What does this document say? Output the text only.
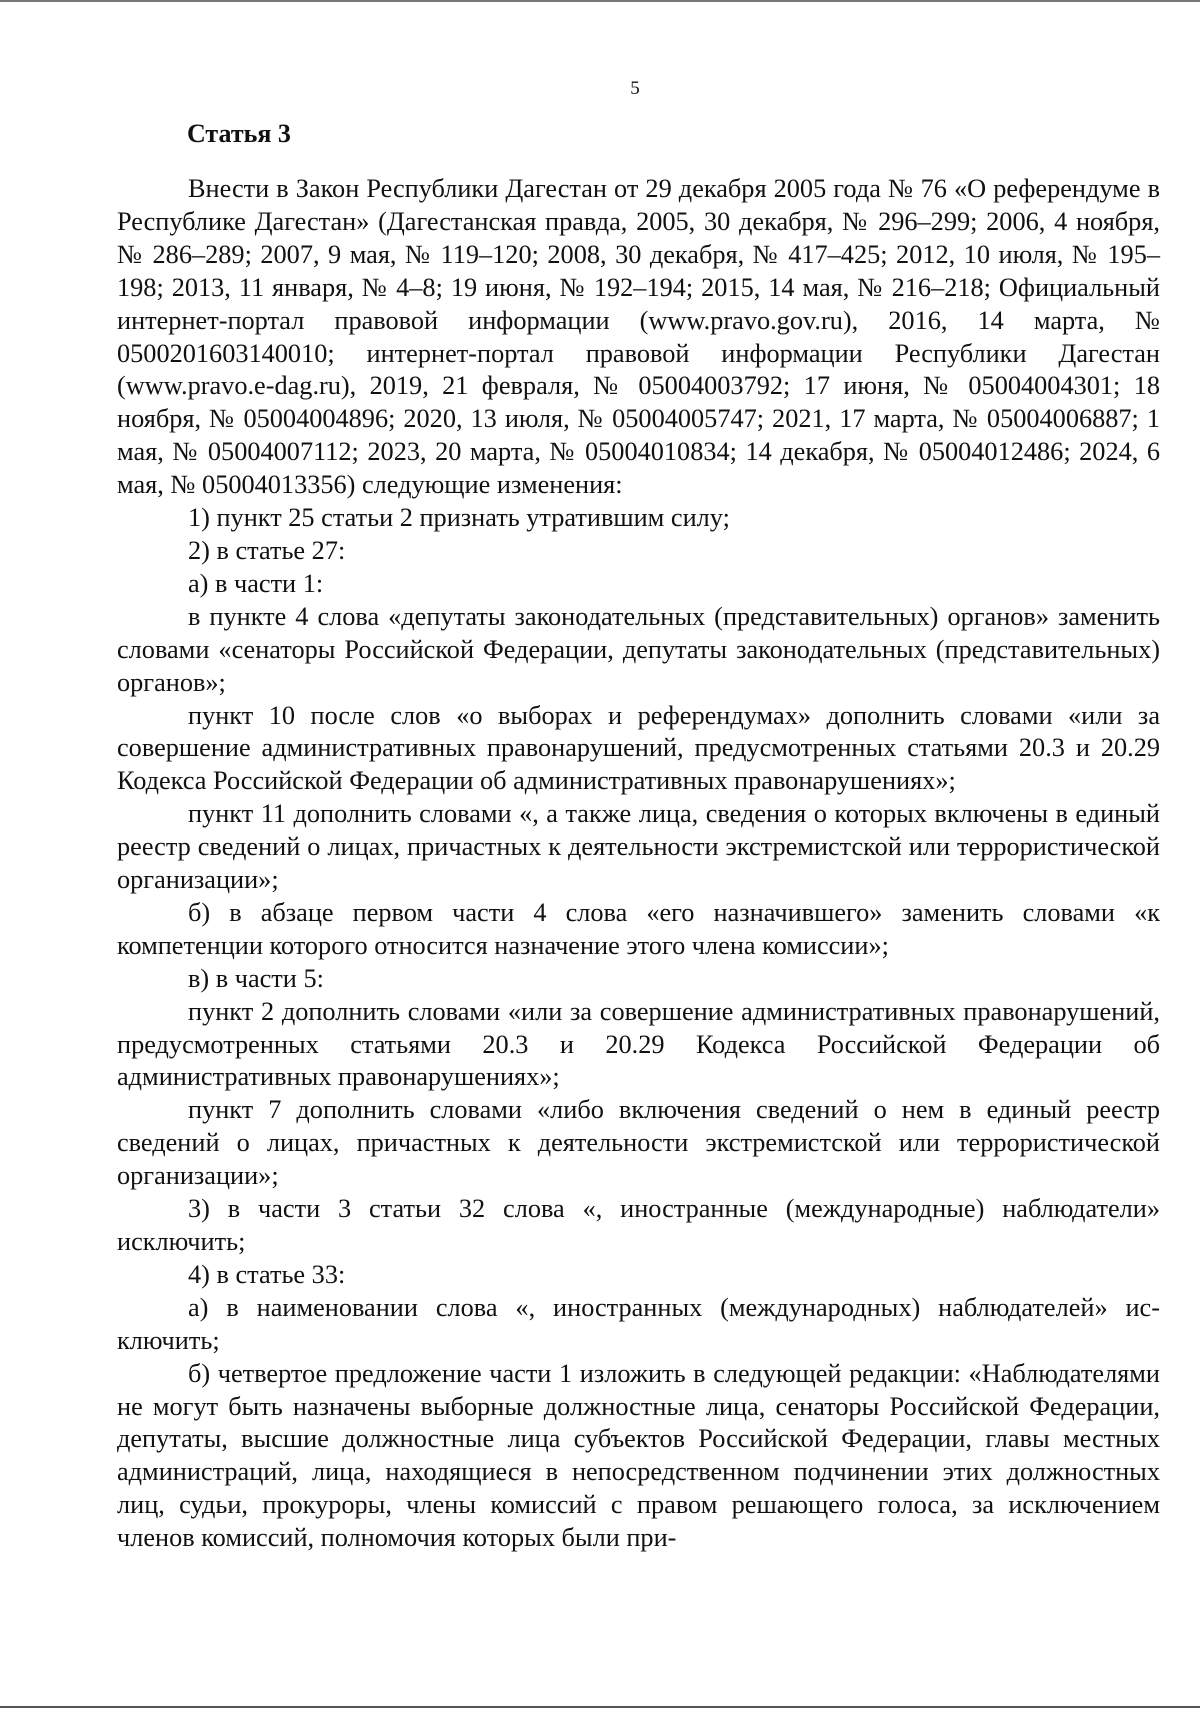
5
Статья 3

Внести в Закон Республики Дагестан от 29 декабря 2005 года № 76 «О референдуме в Республике Дагестан» (Дагестанская правда, 2005, 30 декабря, № 296–299; 2006, 4 ноября, № 286–289; 2007, 9 мая, № 119–120; 2008, 30 декабря, № 417–425; 2012, 10 июля, № 195–198; 2013, 11 января, № 4–8; 19 июня, № 192–194; 2015, 14 мая, № 216–218; Официальный интернет-портал правовой информации (www.pravo.gov.ru), 2016, 14 марта, № 0500201603140010; интернет-портал правовой информации Республики Дагестан (www.pravo.e-dag.ru), 2019, 21 февраля, № 05004003792; 17 июня, № 05004004301; 18 ноября, № 05004004896; 2020, 13 июля, № 05004005747; 2021, 17 марта, № 05004006887; 1 мая, № 05004007112; 2023, 20 марта, № 05004010834; 14 декабря, № 05004012486; 2024, 6 мая, № 05004013356) следующие изменения:

1) пункт 25 статьи 2 признать утратившим силу;

2) в статье 27:

а) в части 1:

в пункте 4 слова «депутаты законодательных (представительных) органов» заменить словами «сенаторы Российской Федерации, депутаты законодательных (представительных) органов»;

пункт 10 после слов «о выборах и референдумах» дополнить словами «или за совершение административных правонарушений, предусмотренных статьями 20.3 и 20.29 Кодекса Российской Федерации об административных правонарушениях»;

пункт 11 дополнить словами «, а также лица, сведения о которых включены в единый реестр сведений о лицах, причастных к деятельности экстремистской или террористической организации»;

б) в абзаце первом части 4 слова «его назначившего» заменить словами «к компетенции которого относится назначение этого члена комиссии»;

в) в части 5:

пункт 2 дополнить словами «или за совершение административных правонарушений, предусмотренных статьями 20.3 и 20.29 Кодекса Российской Федерации об административных правонарушениях»;

пункт 7 дополнить словами «либо включения сведений о нем в единый реестр сведений о лицах, причастных к деятельности экстремистской или террористической организации»;

3) в части 3 статьи 32 слова «, иностранные (международные) наблюдатели» исключить;

4) в статье 33:

а) в наименовании слова «, иностранных (международных) наблюдателей» исключить;

б) четвертое предложение части 1 изложить в следующей редакции: «Наблюдателями не могут быть назначены выборные должностные лица, сенаторы Российской Федерации, депутаты, высшие должностные лица субъектов Российской Федерации, главы местных администраций, лица, находящиеся в непосредственном подчинении этих должностных лиц, судьи, прокуроры, члены комиссий с правом решающего голоса, за исключением членов комиссий, полномочия которых были при-
